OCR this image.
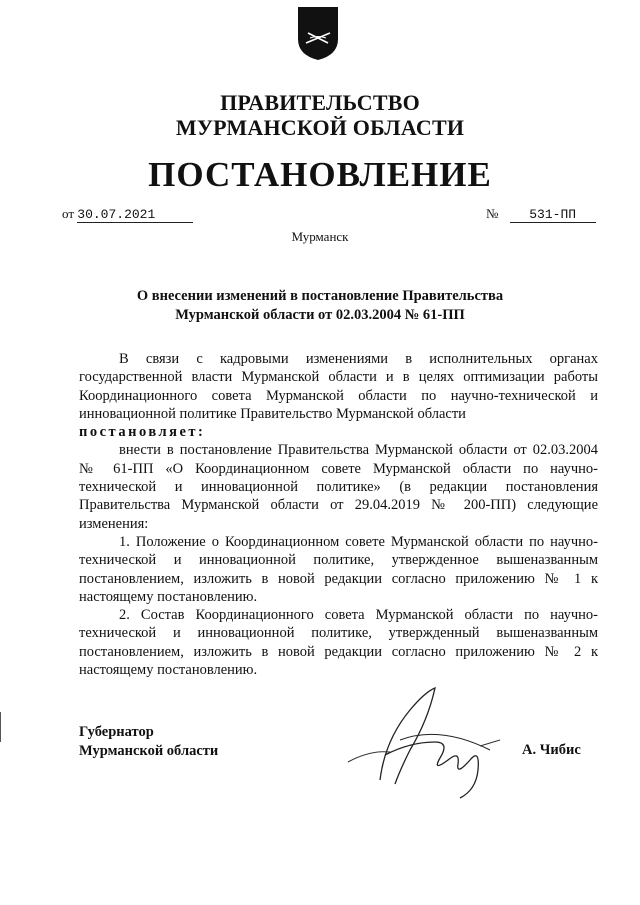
ПРАВИТЕЛЬСТВО
МУРМАНСКОЙ ОБЛАСТИ
ПОСТАНОВЛЕНИЕ
от 30.07.2021	№ 531-ПП
Мурманск
О внесении изменений в постановление Правительства
Мурманской области от 02.03.2004 № 61-ПП

В связи с кадровыми изменениями в исполнительных органах государственной власти Мурманской области и в целях оптимизации работы Координационного совета Мурманской области по научно-технической и инновационной политике Правительство Мурманской области

постановляет:

внести в постановление Правительства Мурманской области от 02.03.2004 № 61-ПП «О Координационном совете Мурманской области по научно-технической и инновационной политике» (в редакции постановления Правительства Мурманской области от 29.04.2019 № 200-ПП) следующие изменения:

1. Положение о Координационном совете Мурманской области по научно-технической и инновационной политике, утвержденное вышеназванным постановлением, изложить в новой редакции согласно приложению № 1 к настоящему постановлению.

2. Состав Координационного совета Мурманской области по научно-технической и инновационной политике, утвержденный вышеназванным постановлением, изложить в новой редакции согласно приложению № 2 к настоящему постановлению.

Губернатор
Мурманской области	А. Чибис
